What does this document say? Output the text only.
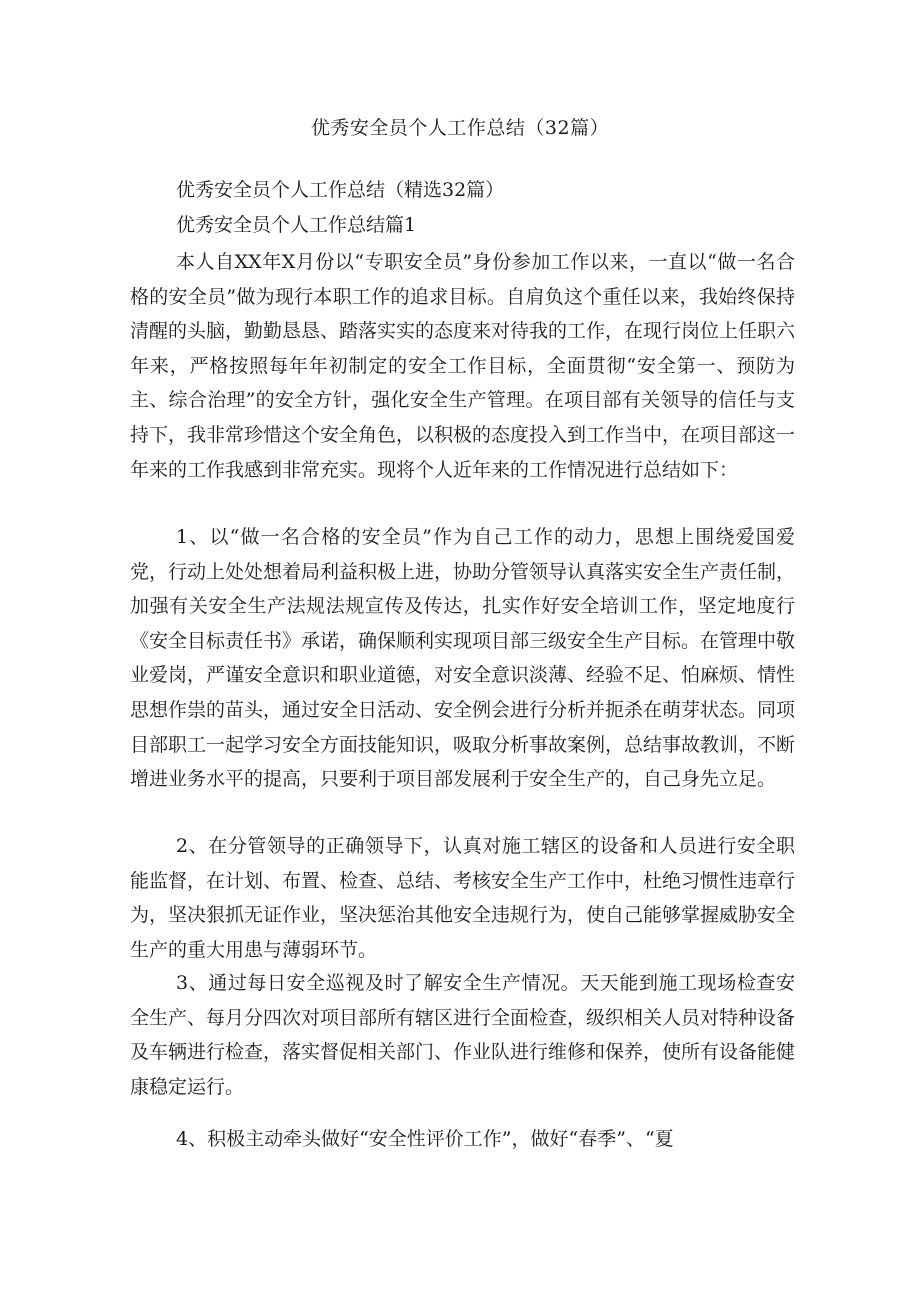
优秀安全员个人工作总结（32篇）
优秀安全员个人工作总结（精选32篇）
优秀安全员个人工作总结篇1

本人自XX年X月份以“专职安全员”身份参加工作以来，一直以“做一名合格的安全员”做为现行本职工作的追求目标。自肩负这个重任以来，我始终保持清醒的头脑，勤勤恳恳、踏落实实的态度来对待我的工作，在现行岗位上任职六年来，严格按照每年年初制定的安全工作目标，全面贯彻“安全第一、预防为主、综合治理”的安全方针，强化安全生产管理。在项目部有关领导的信任与支持下，我非常珍惜这个安全角色，以积极的态度投入到工作当中，在项目部这一年来的工作我感到非常充实。现将个人近年来的工作情况进行总结如下：

1、以“做一名合格的安全员”作为自己工作的动力，思想上围绕爱国爱党，行动上处处想着局利益积极上进，协助分管领导认真落实安全生产责任制，加强有关安全生产法规法规宣传及传达，扎实作好安全培训工作，坚定地度行《安全目标责任书》承诺，确保顺利实现项目部三级安全生产目标。在管理中敬业爱岗，严谨安全意识和职业道德，对安全意识淡薄、经验不足、怕麻烦、情性思想作祟的苗头，通过安全日活动、安全例会进行分析并扼杀在萌芽状态。同项目部职工一起学习安全方面技能知识，吸取分析事故案例，总结事故教训，不断增进业务水平的提高，只要利于项目部发展利于安全生产的，自己身先立足。

2、在分管领导的正确领导下，认真对施工辖区的设备和人员进行安全职能监督，在计划、布置、检查、总结、考核安全生产工作中，杜绝习惯性违章行为，坚决狠抓无证作业，坚决惩治其他安全违规行为，使自己能够掌握威胁安全生产的重大用患与薄弱环节。

3、通过每日安全巡视及时了解安全生产情况。天天能到施工现场检查安全生产、每月分四次对项目部所有辖区进行全面检查，级织相关人员对特种设备及车辆进行检查，落实督促相关部门、作业队进行维修和保养，使所有设备能健康稳定运行。

4、积极主动牵头做好“安全性评价工作”，做好“春季”、“夏
